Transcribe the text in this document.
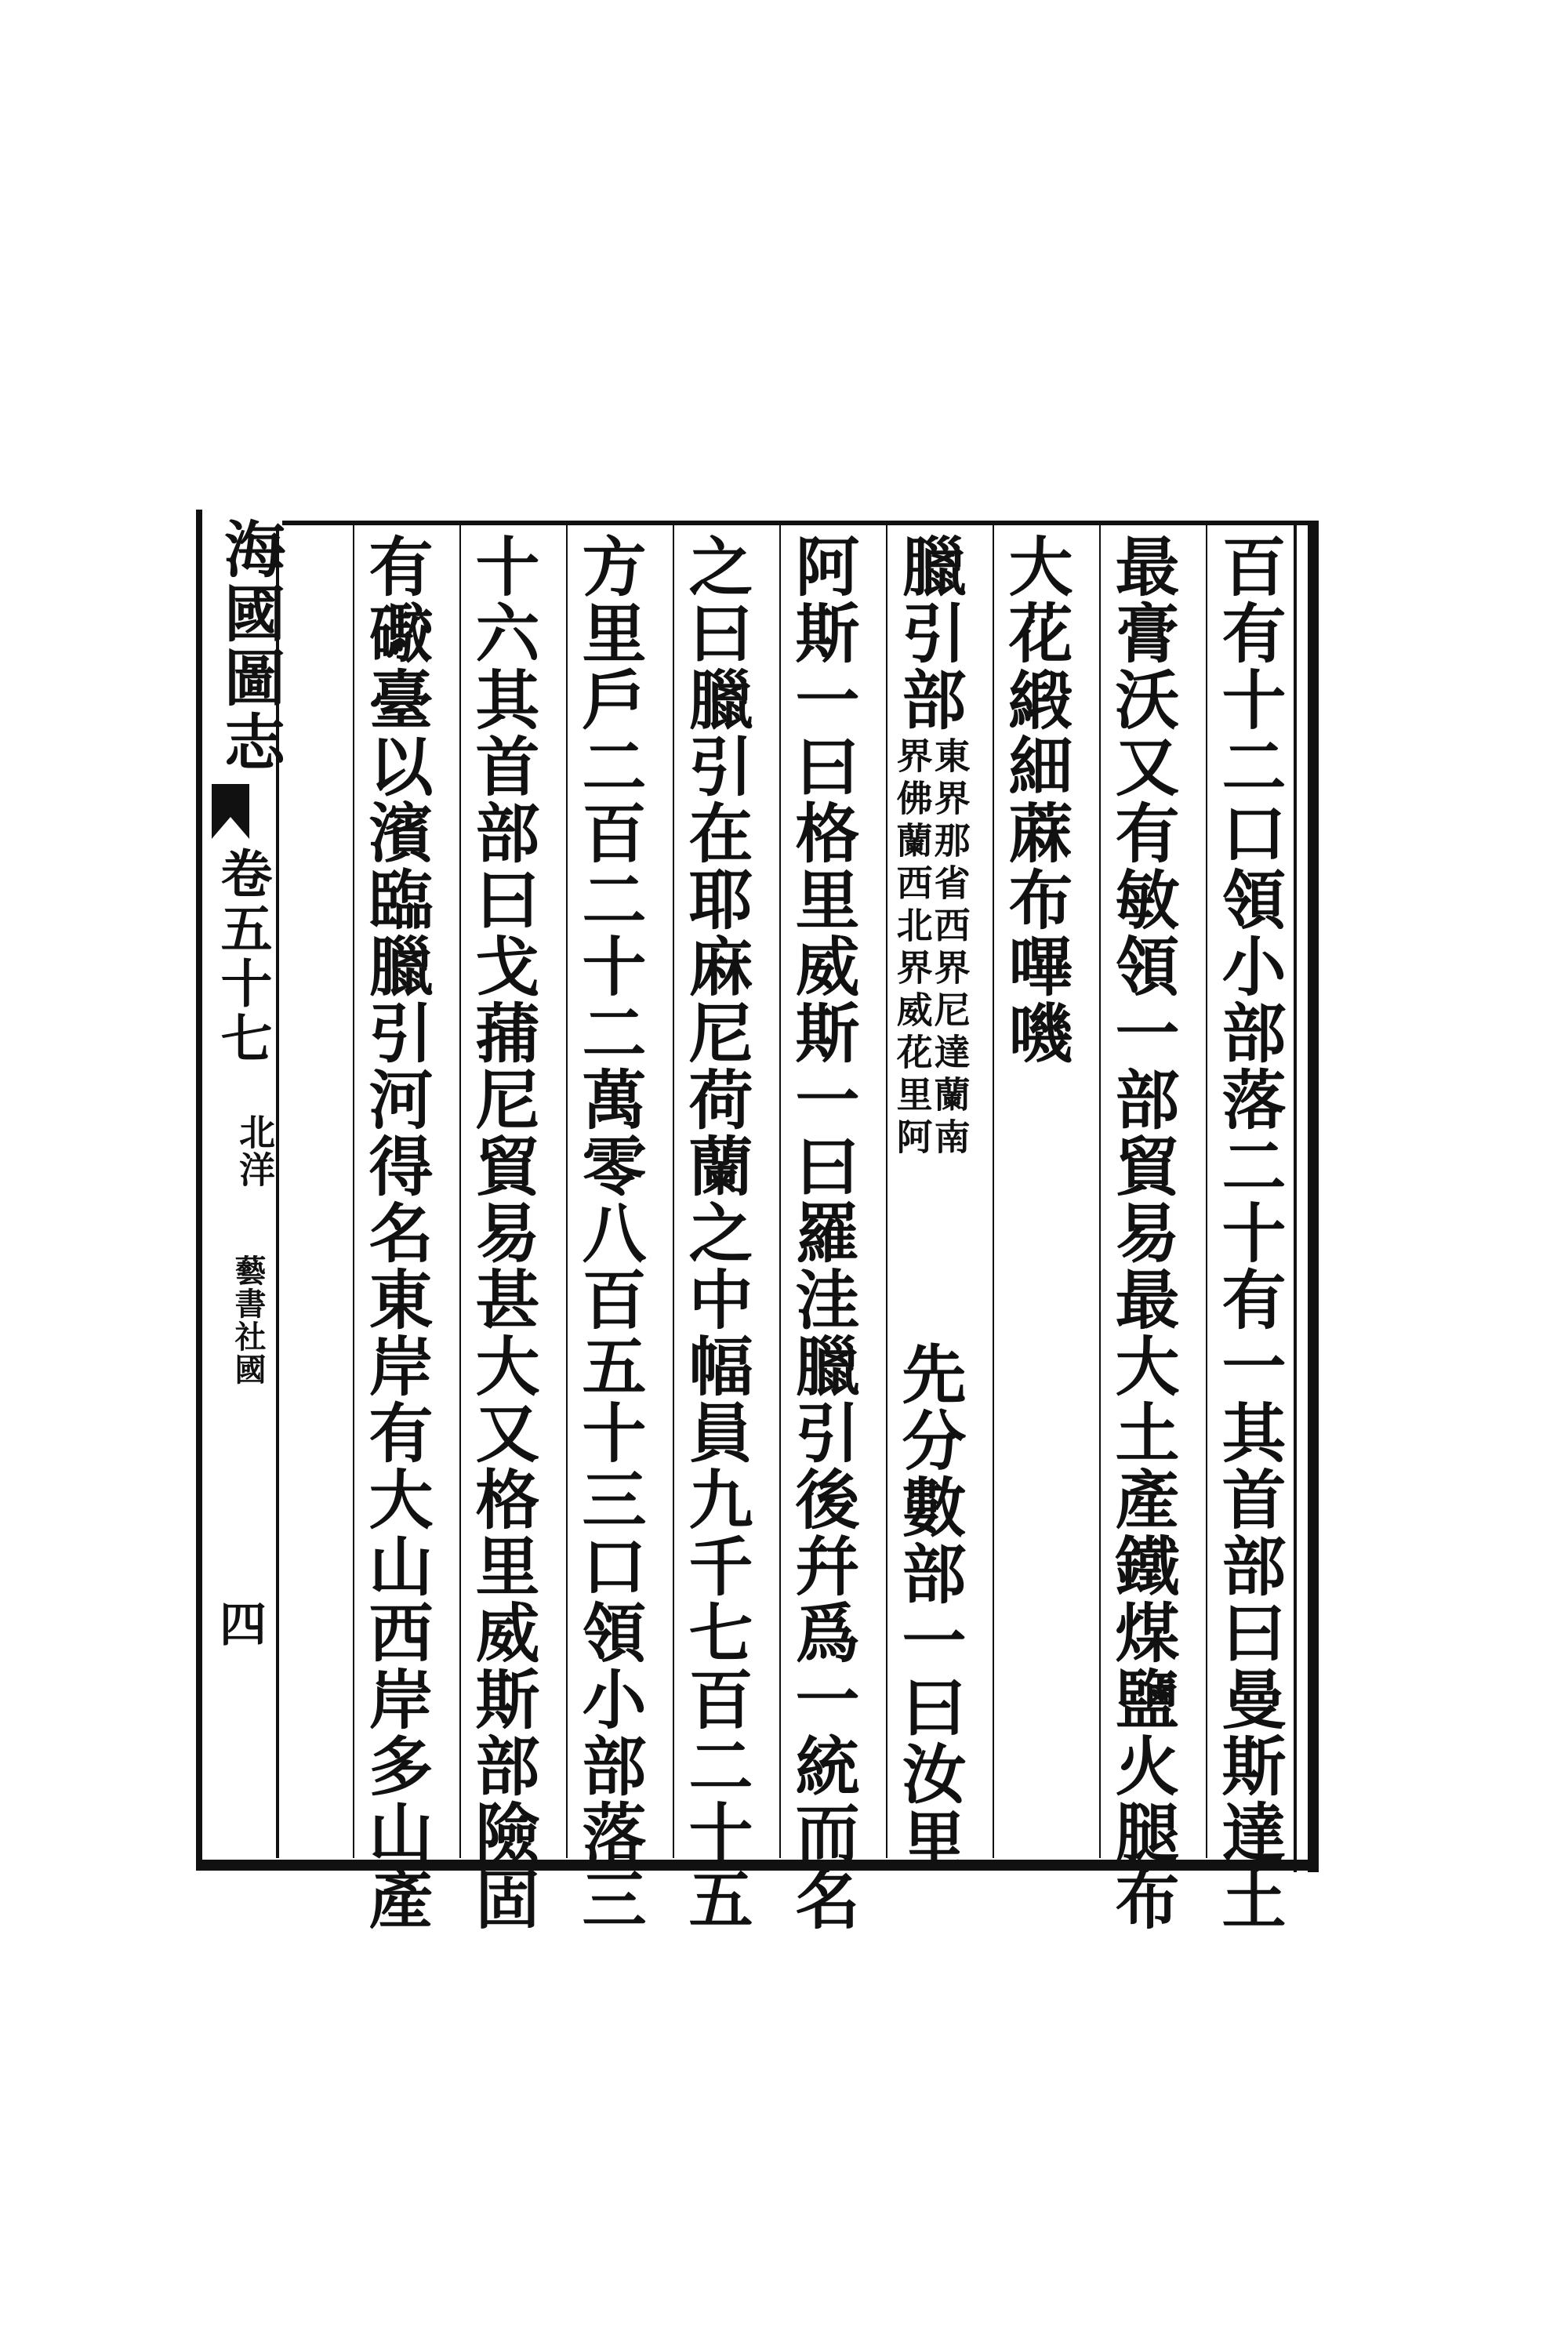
百有十二口領小部落二十有一其首部曰曼斯達土
最膏沃又有敏領一部貿易最大土產鐵煤鹽火腿布
大花緞細蔴布嗶嘰
臘引部
東界那省西界尼達蘭南
界佛蘭西北界威花里阿
先分數部一曰汝里
阿斯一曰格里威斯一曰羅洼臘引後幷爲一統而名
之曰臘引在耶麻尼荷蘭之中幅員九千七百二十五
方里戶二百二十二萬零八百五十三口領小部落三
十六其首部曰戈蒱尼貿易甚大又格里威斯部險固
有礮臺以濱臨臘引河得名東岸有大山西岸多山產
海國圖志
卷五十七
北洋
藝書社國
四
